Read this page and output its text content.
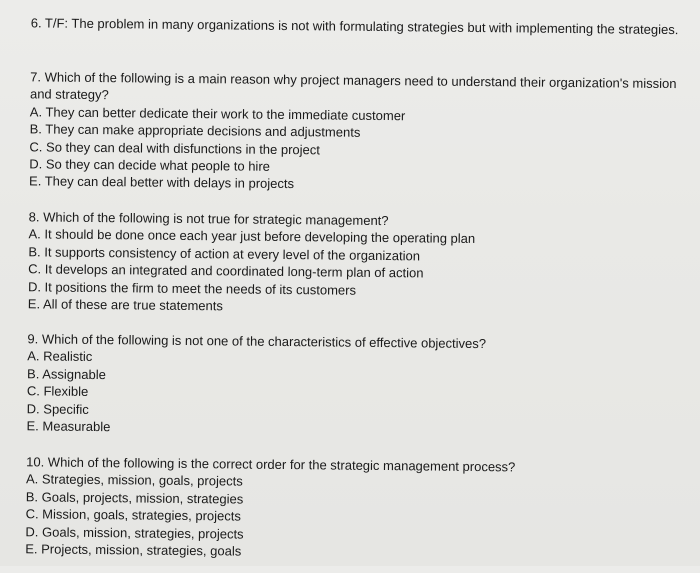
6. T/F: The problem in many organizations is not with formulating strategies but with implementing the strategies.
7. Which of the following is a main reason why project managers need to understand their organization's mission and strategy?
A. They can better dedicate their work to the immediate customer
B. They can make appropriate decisions and adjustments
C. So they can deal with disfunctions in the project
D. So they can decide what people to hire
E. They can deal better with delays in projects
8. Which of the following is not true for strategic management?
A. It should be done once each year just before developing the operating plan
B. It supports consistency of action at every level of the organization
C. It develops an integrated and coordinated long-term plan of action
D. It positions the firm to meet the needs of its customers
E. All of these are true statements
9. Which of the following is not one of the characteristics of effective objectives?
A. Realistic
B. Assignable
C. Flexible
D. Specific
E. Measurable
10. Which of the following is the correct order for the strategic management process?
A. Strategies, mission, goals, projects
B. Goals, projects, mission, strategies
C. Mission, goals, strategies, projects
D. Goals, mission, strategies, projects
E. Projects, mission, strategies, goals
